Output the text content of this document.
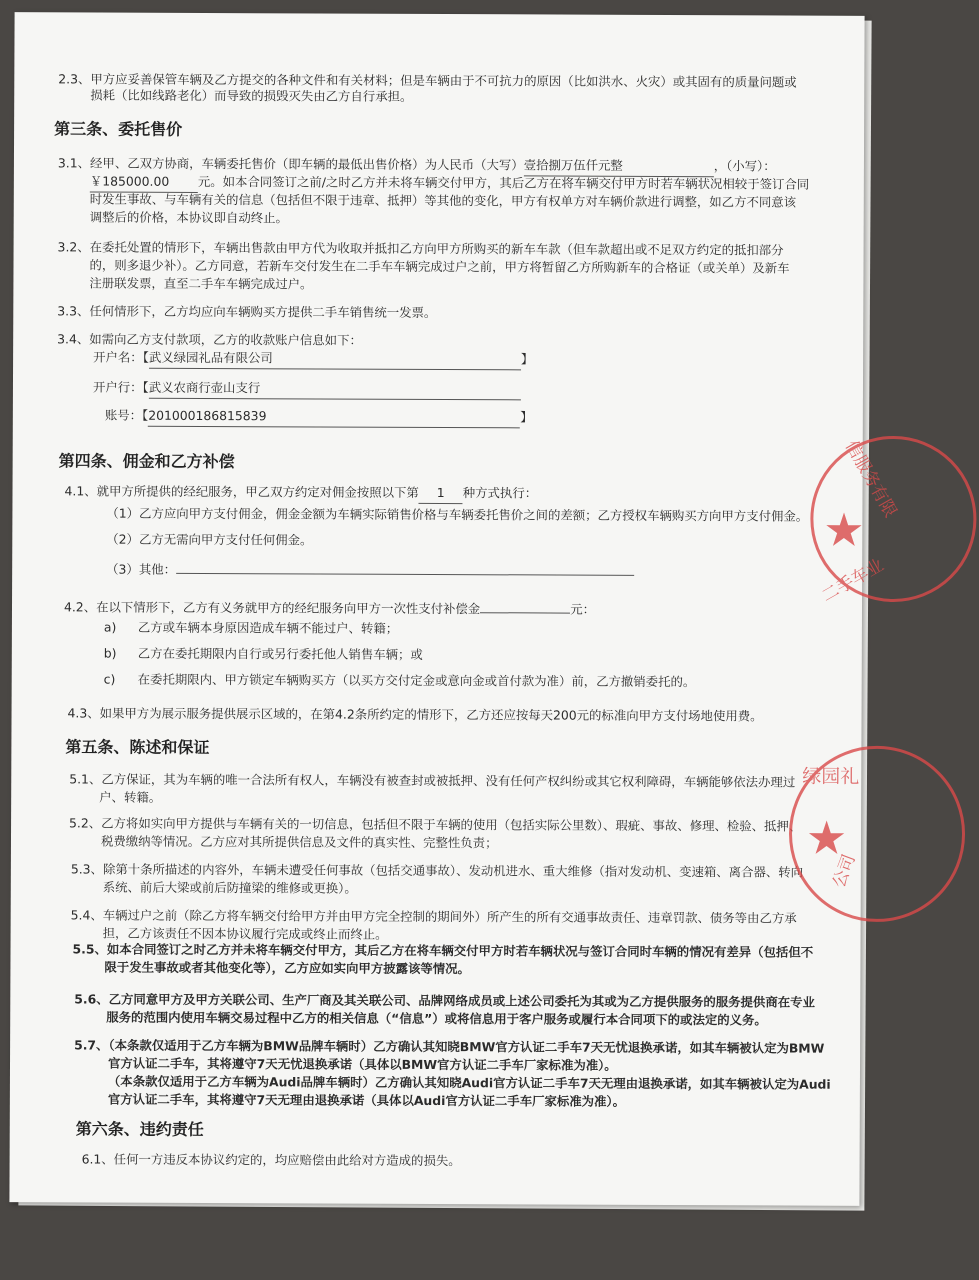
2.3、甲方应妥善保管车辆及乙方提交的各种文件和有关材料；但是车辆由于不可抗力的原因（比如洪水、火灾）或其固有的质量问题或
损耗（比如线路老化）而导致的损毁灭失由乙方自行承担。
第三条、委托售价
3.1、经甲、乙双方协商，车辆委托售价（即车辆的最低出售价格）为人民币（大写）壹拾捌万伍仟元整	，（小写）：
￥185000.00 元。如本合同签订之前/之时乙方并未将车辆交付甲方，其后乙方在将车辆交付甲方时若车辆状况相较于签订合同
时发生事故、与车辆有关的信息（包括但不限于违章、抵押）等其他的变化，甲方有权单方对车辆价款进行调整，如乙方不同意该
调整后的价格，本协议即自动终止。
3.2、在委托处置的情形下，车辆出售款由甲方代为收取并抵扣乙方向甲方所购买的新车车款（但车款超出或不足双方约定的抵扣部分
的，则多退少补）。乙方同意，若新车交付发生在二手车车辆完成过户之前，甲方将暂留乙方所购新车的合格证（或关单）及新车
注册联发票，直至二手车车辆完成过户。
3.3、任何情形下，乙方均应向车辆购买方提供二手车销售统一发票。
3.4、如需向乙方支付款项，乙方的收款账户信息如下：
开户名：【武义绿园礼品有限公司	】
开户行：【武义农商行壶山支行
账号：【201000186815839	】
第四条、佣金和乙方补偿
4.1、就甲方所提供的经纪服务，甲乙双方约定对佣金按照以下第 1 种方式执行：
（1）乙方应向甲方支付佣金，佣金金额为车辆实际销售价格与车辆委托售价之间的差额；乙方授权车辆购买方向甲方支付佣金。
（2）乙方无需向甲方支付任何佣金。
（3）其他：
4.2、在以下情形下，乙方有义务就甲方的经纪服务向甲方一次性支付补偿金	元：
a) 乙方或车辆本身原因造成车辆不能过户、转籍；
b) 乙方在委托期限内自行或另行委托他人销售车辆；或
c) 在委托期限内、甲方锁定车辆购买方（以买方交付定金或意向金或首付款为准）前，乙方撤销委托的。
4.3、如果甲方为展示服务提供展示区域的，在第4.2条所约定的情形下，乙方还应按每天200元的标准向甲方支付场地使用费。
第五条、陈述和保证
5.1、乙方保证，其为车辆的唯一合法所有权人，车辆没有被查封或被抵押、没有任何产权纠纷或其它权利障碍，车辆能够依法办理过
户、转籍。
5.2、乙方将如实向甲方提供与车辆有关的一切信息，包括但不限于车辆的使用（包括实际公里数）、瑕疵、事故、修理、检验、抵押、
税费缴纳等情况。乙方应对其所提供信息及文件的真实性、完整性负责；
5.3、除第十条所描述的内容外，车辆未遭受任何事故（包括交通事故）、发动机进水、重大维修（指对发动机、变速箱、离合器、转向
系统、前后大梁或前后防撞梁的维修或更换）。
5.4、车辆过户之前（除乙方将车辆交付给甲方并由甲方完全控制的期间外）所产生的所有交通事故责任、违章罚款、债务等由乙方承
担，乙方该责任不因本协议履行完成或终止而终止。
5.5、如本合同签订之时乙方并未将车辆交付甲方，其后乙方在将车辆交付甲方时若车辆状况与签订合同时车辆的情况有差异（包括但不
限于发生事故或者其他变化等），乙方应如实向甲方披露该等情况。
5.6、乙方同意甲方及甲方关联公司、生产厂商及其关联公司、品牌网络成员或上述公司委托为其或为乙方提供服务的服务提供商在专业
服务的范围内使用车辆交易过程中乙方的相关信息（“信息”）或将信息用于客户服务或履行本合同项下的或法定的义务。
5.7、（本条款仅适用于乙方车辆为BMW品牌车辆时）乙方确认其知晓BMW官方认证二手车7天无忧退换承诺，如其车辆被认定为BMW
官方认证二手车，其将遵守7天无忧退换承诺（具体以BMW官方认证二手车厂家标准为准）。
（本条款仅适用于乙方车辆为Audi品牌车辆时）乙方确认其知晓Audi官方认证二手车7天无理由退换承诺，如其车辆被认定为Audi
官方认证二手车，其将遵守7天无理由退换承诺（具体以Audi官方认证二手车厂家标准为准）。
第六条、违约责任
6.1、任何一方违反本协议约定的，均应赔偿由此给对方造成的损失。
信服务有限
★
二手车业
绿园礼
★
公司
